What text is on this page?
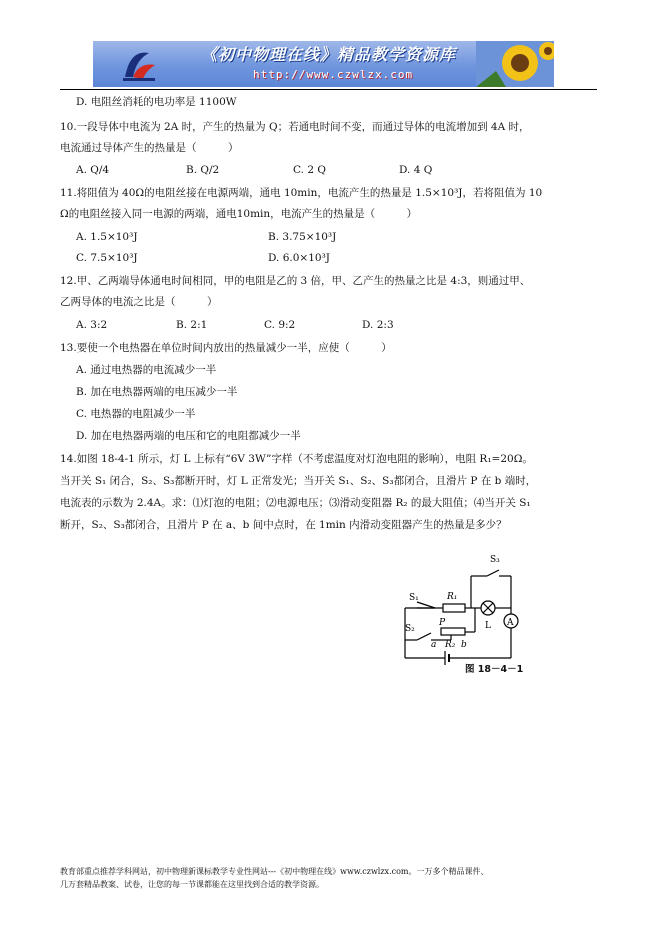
《初中物理在线》精品教学资源库
http://www.czwlzx.com
D. 电阻丝消耗的电功率是 1100W
10.一段导体中电流为 2A 时，产生的热量为 Q；若通电时间不变，而通过导体的电流增加到 4A 时，
电流通过导体产生的热量是（　　　）
A. Q/4	B. Q/2	C. 2 Q	D. 4 Q
11.将阻值为 40Ω的电阻丝接在电源两端，通电 10min，电流产生的热量是 1.5×10³J，若将阻值为 10
Ω的电阻丝接入同一电源的两端，通电10min，电流产生的热量是（　　　）
A. 1.5×10³J	B. 3.75×10³J
C. 7.5×10³J	D. 6.0×10³J
12.甲、乙两端导体通电时间相同，甲的电阻是乙的 3 倍，甲、乙产生的热量之比是 4:3，则通过甲、
乙两导体的电流之比是（　　　）
A. 3:2	B. 2:1	C. 9:2	D. 2:3
13.要使一个电热器在单位时间内放出的热量减少一半，应使（　　　）
A. 通过电热器的电流减少一半
B. 加在电热器两端的电压减少一半
C. 电热器的电阻减少一半
D. 加在电热器两端的电压和它的电阻都减少一半
14.如图 18-4-1 所示，灯 L 上标有“6V 3W”字样（不考虑温度对灯泡电阻的影响），电阻 R₁=20Ω。
当开关 S₁ 闭合，S₂、S₃都断开时，灯 L 正常发光；当开关 S₁、S₂、S₃都闭合，且滑片 P 在 b 端时，
电流表的示数为 2.4A。求：⑴灯泡的电阻；⑵电源电压；⑶滑动变阻器 R₂ 的最大阻值；⑷当开关 S₁
断开，S₂、S₃都闭合，且滑片 P 在 a、b 间中点时，在 1min 内滑动变阻器产生的热量是多少？
S₁
S₂
S₃
R₁
P
a R₂ b
L A
图 18－4－1
教育部重点推荐学科网站，初中物理新课标教学专业性网站---《初中物理在线》www.czwlzx.com。一万多个精品课件、
几万套精品教案、试卷，让您的每一节课都能在这里找到合适的教学资源。
